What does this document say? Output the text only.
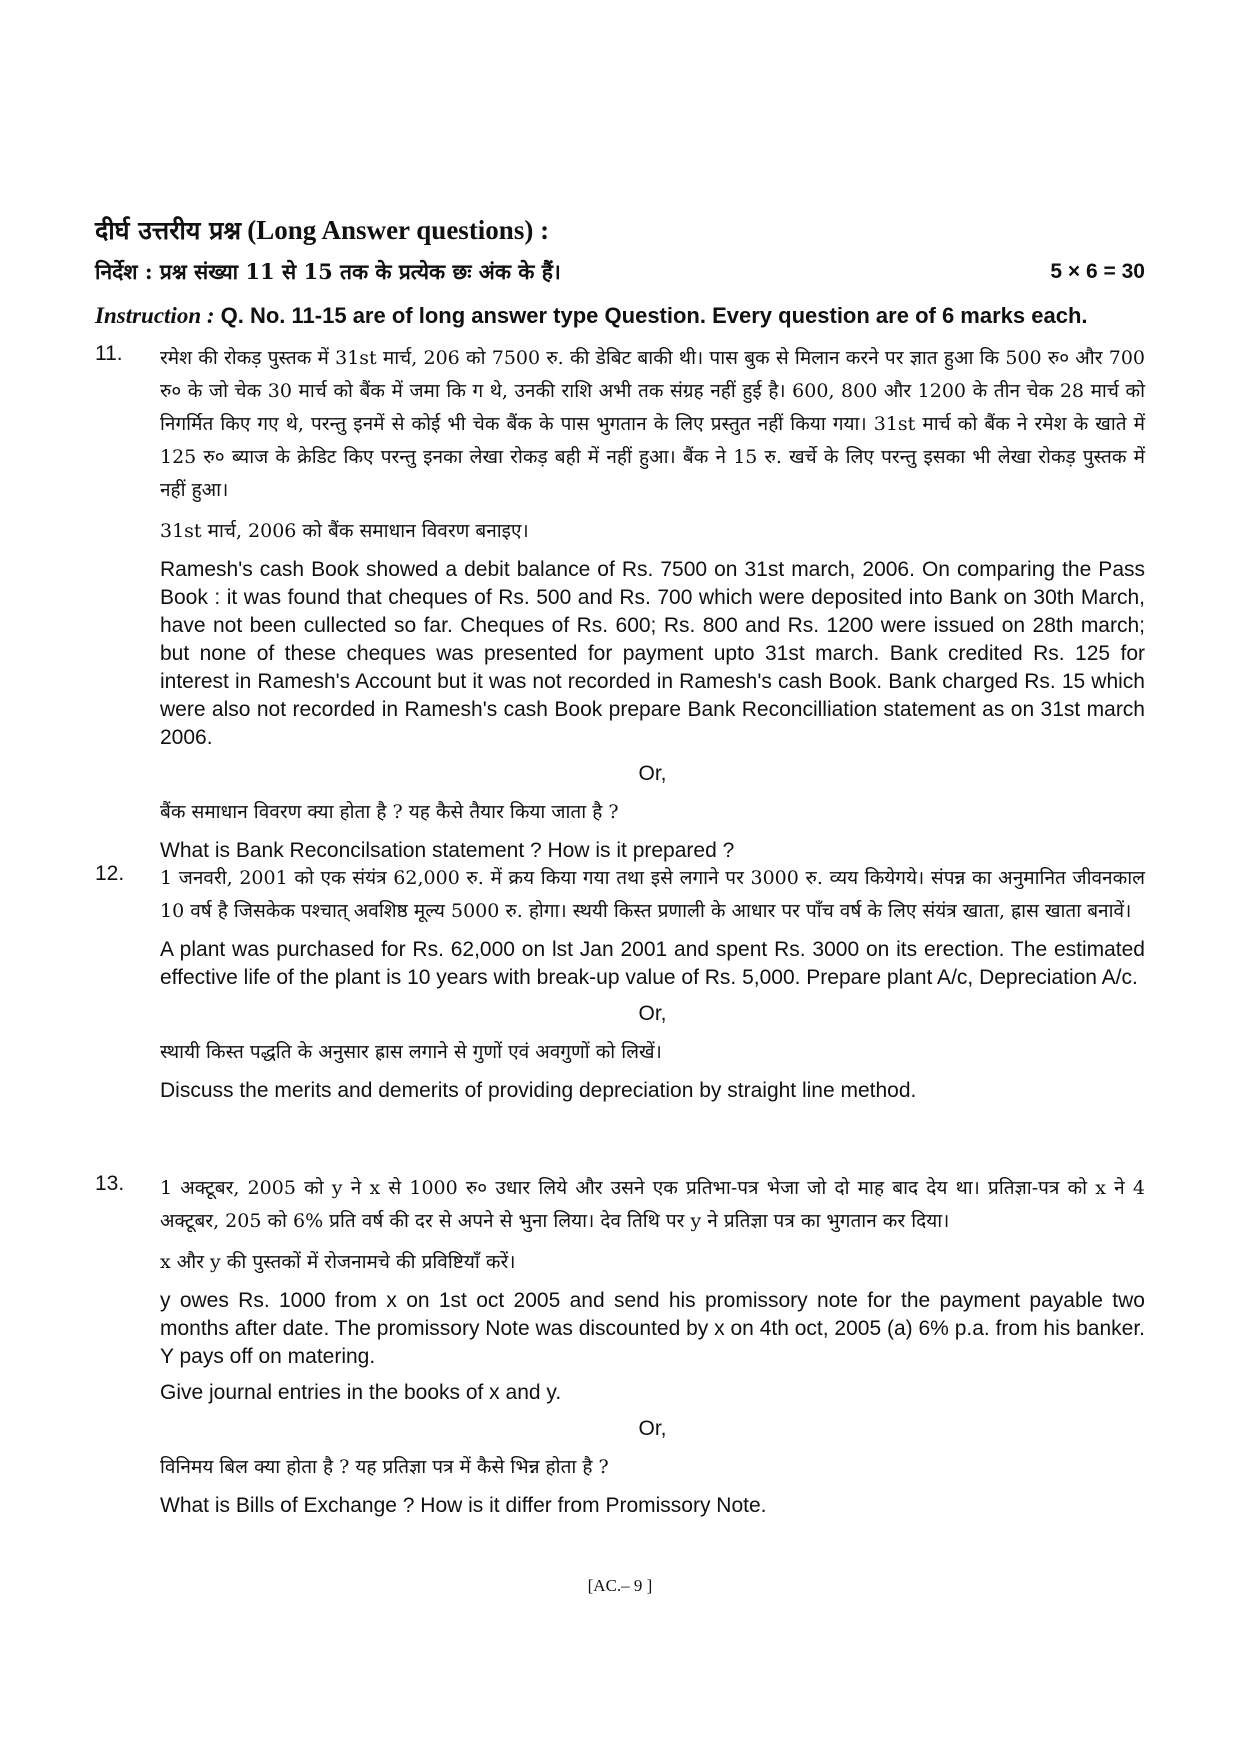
दीर्घ उत्तरीय प्रश्न (Long Answer questions) :
निर्देश : प्रश्न संख्या 11 से 15 तक के प्रत्येक छः अंक के हैं।	5 × 6 = 30
Instruction : Q. No. 11-15 are of long answer type Question. Every question are of 6 marks each.
11. रमेश की रोकड़ पुस्तक में 31st मार्च, 206 को 7500 रु. की डेबिट बाकी थी। पास बुक से मिलान करने पर ज्ञात हुआ कि 500 रु० और 700 रु० के जो चेक 30 मार्च को बैंक में जमा कि ग थे, उनकी राशि अभी तक संग्रह नहीं हुई है। 600, 800 और 1200 के तीन चेक 28 मार्च को निगर्मित किए गए थे, परन्तु इनमें से कोई भी चेक बैंक के पास भुगतान के लिए प्रस्तुत नहीं किया गया। 31st मार्च को बैंक ने रमेश के खाते में 125 रु० ब्याज के क्रेडिट किए परन्तु इनका लेखा रोकड़ बही में नहीं हुआ। बैंक ने 15 रु. खर्चे के लिए परन्तु इसका भी लेखा रोकड़ पुस्तक में नहीं हुआ।

31st मार्च, 2006 को बैंक समाधान विवरण बनाइए।

Ramesh's cash Book showed a debit balance of Rs. 7500 on 31st march, 2006. On comparing the Pass Book : it was found that cheques of Rs. 500 and Rs. 700 which were deposited into Bank on 30th March, have not been cullected so far. Cheques of Rs. 600; Rs. 800 and Rs. 1200 were issued on 28th march; but none of these cheques was presented for payment upto 31st march. Bank credited Rs. 125 for interest in Ramesh's Account but it was not recorded in Ramesh's cash Book. Bank charged Rs. 15 which were also not recorded in Ramesh's cash Book prepare Bank Reconcilliation statement as on 31st march 2006.

Or,

बैंक समाधान विवरण क्या होता है ? यह कैसे तैयार किया जाता है ?

What is Bank Reconcilsation statement ? How is it prepared ?

12. 1 जनवरी, 2001 को एक संयंत्र 62,000 रु. में क्रय किया गया तथा इसे लगाने पर 3000 रु. व्यय कियेगये। संपन्न का अनुमानित जीवनकाल 10 वर्ष है जिसकेक पश्चात् अवशिष्ठ मूल्य 5000 रु. होगा। स्थयी किस्त प्रणाली के आधार पर पाँच वर्ष के लिए संयंत्र खाता, ह्रास खाता बनावें।

A plant was purchased for Rs. 62,000 on lst Jan 2001 and spent Rs. 3000 on its erection. The estimated effective life of the plant is 10 years with break-up value of Rs. 5,000. Prepare plant A/c, Depreciation A/c.

Or,

स्थायी किस्त पद्धति के अनुसार ह्रास लगाने से गुणों एवं अवगुणों को लिखें।

Discuss the merits and demerits of providing depreciation by straight line method.

13. 1 अक्टूबर, 2005 को y ने x से 1000 रु० उधार लिये और उसने एक प्रतिभा-पत्र भेजा जो दो माह बाद देय था। प्रतिज्ञा-पत्र को x ने 4 अक्टूबर, 205 को 6% प्रति वर्ष की दर से अपने से भुना लिया। देव तिथि पर y ने प्रतिज्ञा पत्र का भुगतान कर दिया।

x और y की पुस्तकों में रोजनामचे की प्रविष्टियाँ करें।

y owes Rs. 1000 from x on 1st oct 2005 and send his promissory note for the payment payable two months after date. The promissory Note was discounted by x on 4th oct, 2005 (a) 6% p.a. from his banker. Y pays off on matering.

Give journal entries in the books of x and y.

Or,

विनिमय बिल क्या होता है ? यह प्रतिज्ञा पत्र में कैसे भिन्न होता है ?

What is Bills of Exchange ? How is it differ from Promissory Note.

[AC.– 9 ]
